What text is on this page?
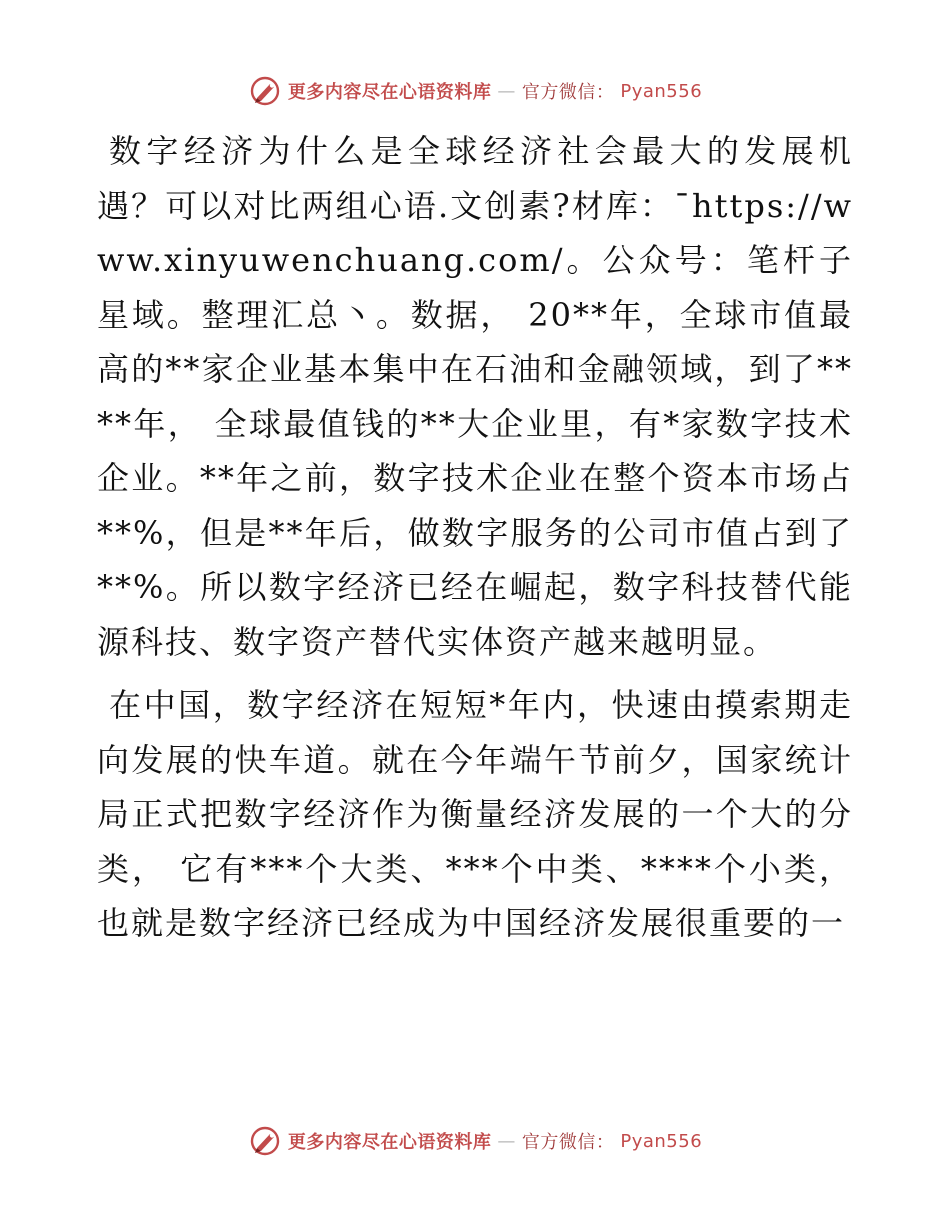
更多内容尽在心语资料库 — 官方微信： Pyan556

数字经济为什么是全球经济社会最大的发展机遇？可以对比两组心语.文创素?材库：¯https://www.xinyuwenchuang.com/。公众号：笔杆子星域。整理汇总丶。数据， 20**年，全球市值最高的**家企业基本集中在石油和金融领域，到了****年， 全球最值钱的**大企业里，有*家数字技术企业。**年之前，数字技术企业在整个资本市场占**%，但是**年后，做数字服务的公司市值占到了**%。所以数字经济已经在崛起，数字科技替代能源科技、数字资产替代实体资产越来越明显。

在中国，数字经济在短短*年内，快速由摸索期走向发展的快车道。就在今年端午节前夕，国家统计局正式把数字经济作为衡量经济发展的一个大的分类， 它有***个大类、***个中类、****个小类，也就是数字经济已经成为中国经济发展很重要的一

更多内容尽在心语资料库 — 官方微信： Pyan556
